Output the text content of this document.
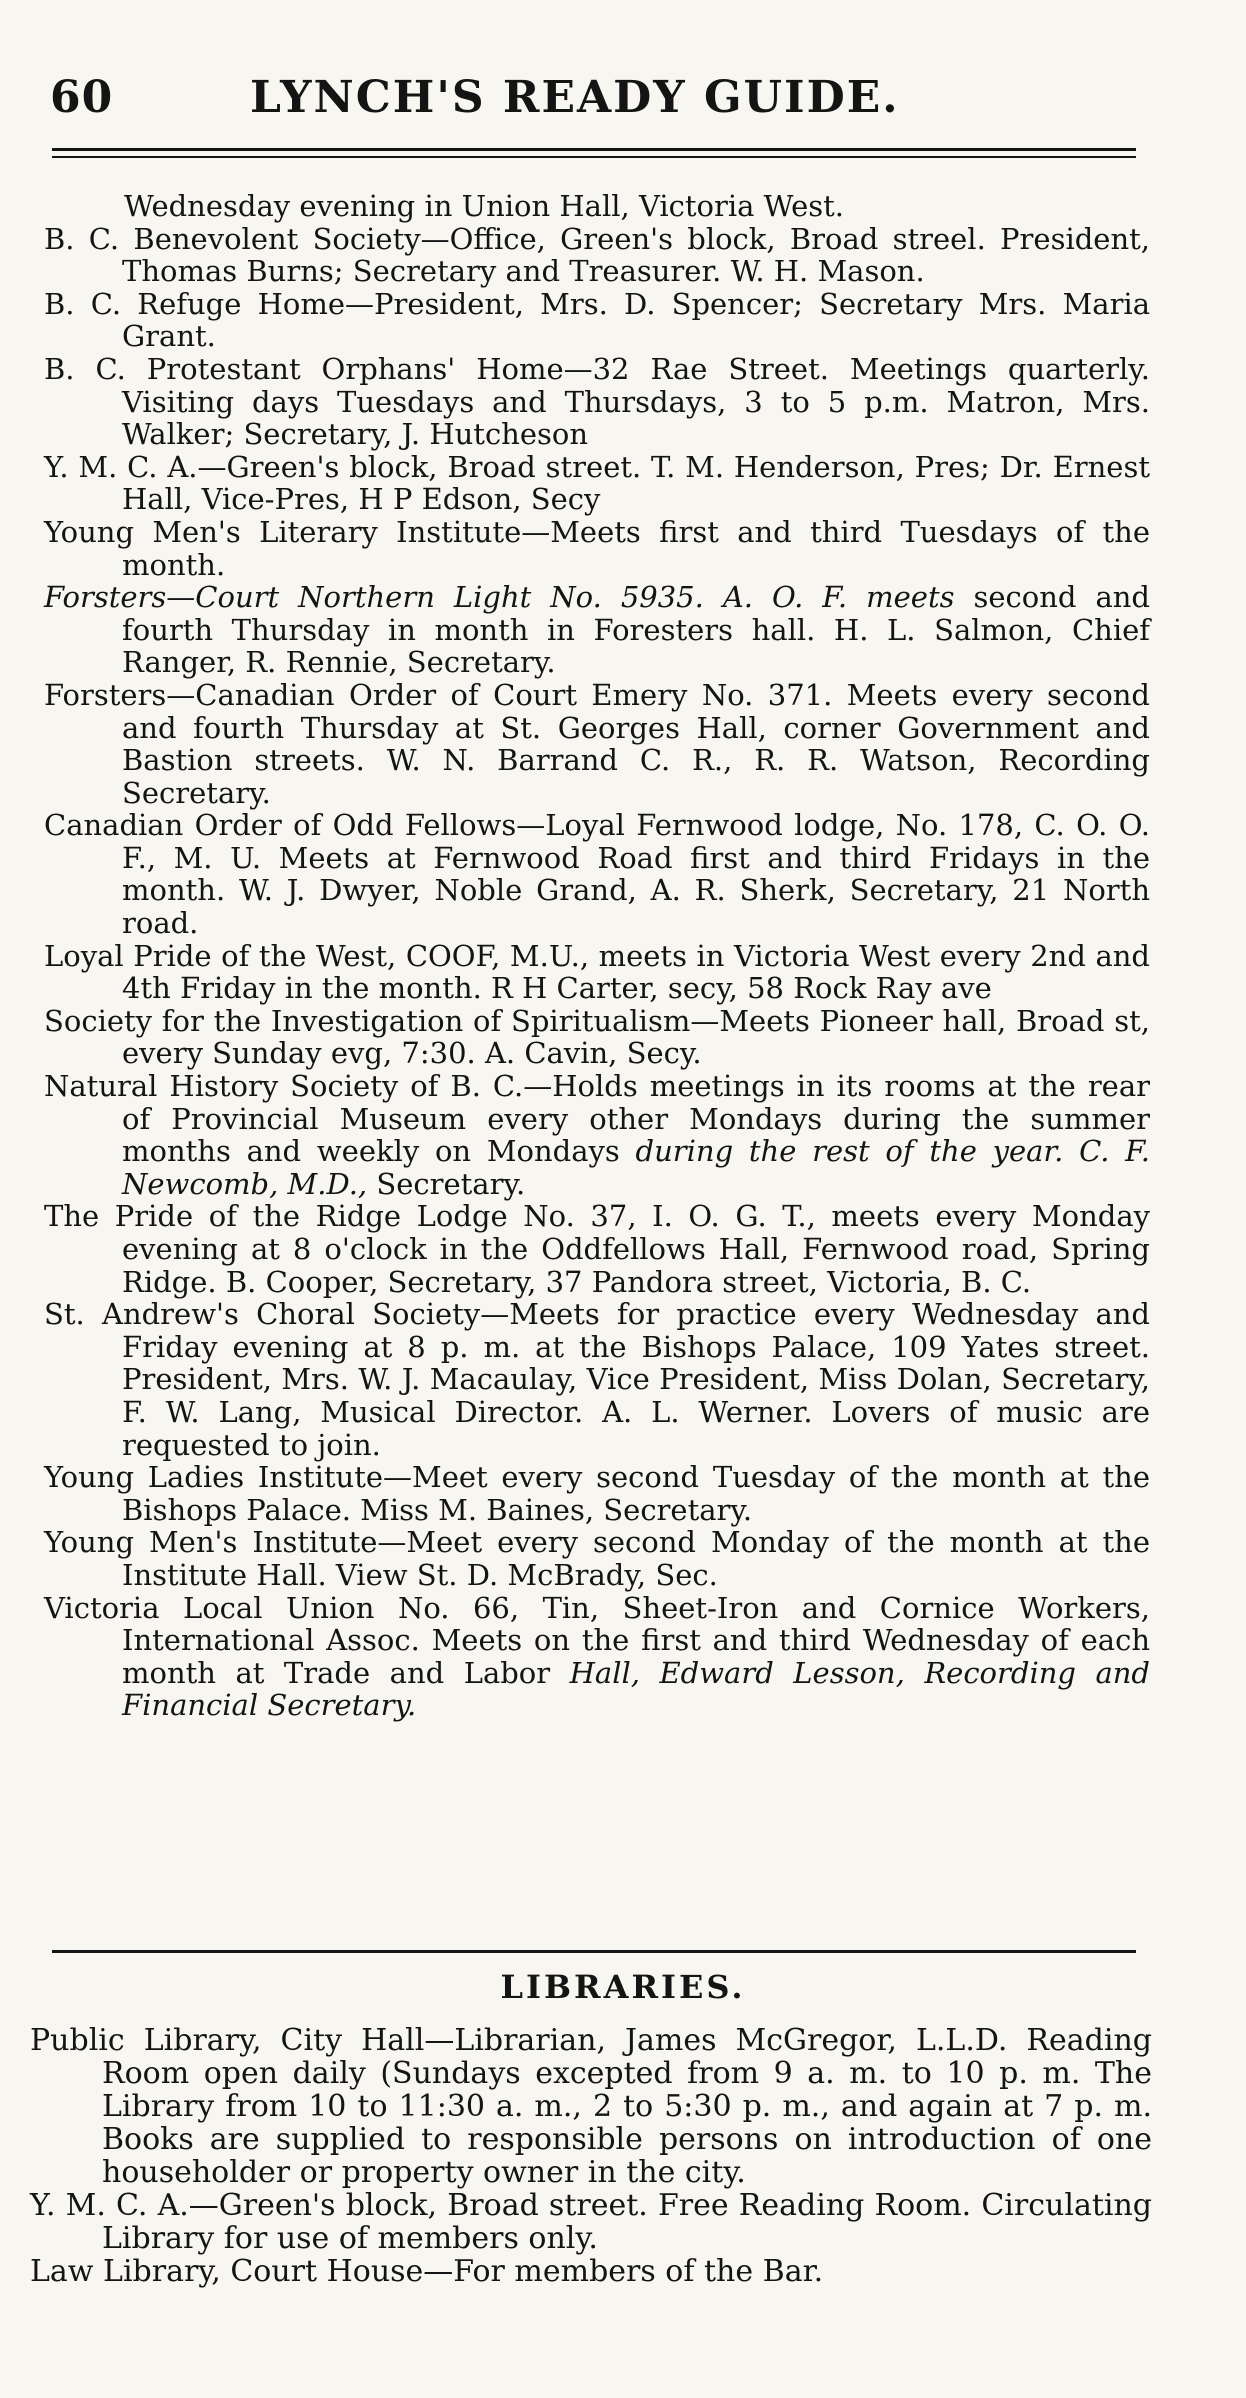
60	LYNCH'S READY GUIDE.

Wednesday evening in Union Hall, Victoria West.

B. C. Benevolent Society—Office, Green's block, Broad streel. President, Thomas Burns; Secretary and Treasurer. W. H. Mason.

B. C. Refuge Home—President, Mrs. D. Spencer; Secretary Mrs. Maria Grant.

B. C. Protestant Orphans' Home—32 Rae Street. Meetings quarterly. Visiting days Tuesdays and Thursdays, 3 to 5 p.m. Matron, Mrs. Walker; Secretary, J. Hutcheson

Y. M. C. A.—Green's block, Broad street. T. M. Henderson, Pres; Dr. Ernest Hall, Vice-Pres, H P Edson, Secy

Young Men's Literary Institute—Meets first and third Tuesdays of the month.

Forsters—Court Northern Light No. 5935. A. O. F. meets second and fourth Thursday in month in Foresters hall. H. L. Salmon, Chief Ranger, R. Rennie, Secretary.

Forsters—Canadian Order of Court Emery No. 371. Meets every second and fourth Thursday at St. Georges Hall, corner Government and Bastion streets. W. N. Barrand C. R., R. R. Watson, Recording Secretary.

Canadian Order of Odd Fellows—Loyal Fernwood lodge, No. 178, C. O. O. F., M. U. Meets at Fernwood Road first and third Fridays in the month. W. J. Dwyer, Noble Grand, A. R. Sherk, Secretary, 21 North road.

Loyal Pride of the West, COOF, M.U., meets in Victoria West every 2nd and 4th Friday in the month. R H Carter, secy, 58 Rock Ray ave

Society for the Investigation of Spiritualism—Meets Pioneer hall, Broad st, every Sunday evg, 7:30. A. Cavin, Secy.

Natural History Society of B. C.—Holds meetings in its rooms at the rear of Provincial Museum every other Mondays during the summer months and weekly on Mondays during the rest of the year. C. F. Newcomb, M.D., Secretary.

The Pride of the Ridge Lodge No. 37, I. O. G. T., meets every Monday evening at 8 o'clock in the Oddfellows Hall, Fernwood road, Spring Ridge. B. Cooper, Secretary, 37 Pandora street, Victoria, B. C.

St. Andrew's Choral Society—Meets for practice every Wednesday and Friday evening at 8 p. m. at the Bishops Palace, 109 Yates street. President, Mrs. W. J. Macaulay, Vice President, Miss Dolan, Secretary, F. W. Lang, Musical Director. A. L. Werner. Lovers of music are requested to join.

Young Ladies Institute—Meet every second Tuesday of the month at the Bishops Palace. Miss M. Baines, Secretary.

Young Men's Institute—Meet every second Monday of the month at the Institute Hall. View St. D. McBrady, Sec.

Victoria Local Union No. 66, Tin, Sheet-Iron and Cornice Workers, International Assoc. Meets on the first and third Wednesday of each month at Trade and Labor Hall, Edward Lesson, Recording and Financial Secretary.

LIBRARIES.

Public Library, City Hall—Librarian, James McGregor, L.L.D. Reading Room open daily (Sundays excepted from 9 a. m. to 10 p. m. The Library from 10 to 11:30 a. m., 2 to 5:30 p. m., and again at 7 p. m. Books are supplied to responsible persons on introduction of one householder or property owner in the city.

Y. M. C. A.—Green's block, Broad street. Free Reading Room. Circulating Library for use of members only.

Law Library, Court House—For members of the Bar.
